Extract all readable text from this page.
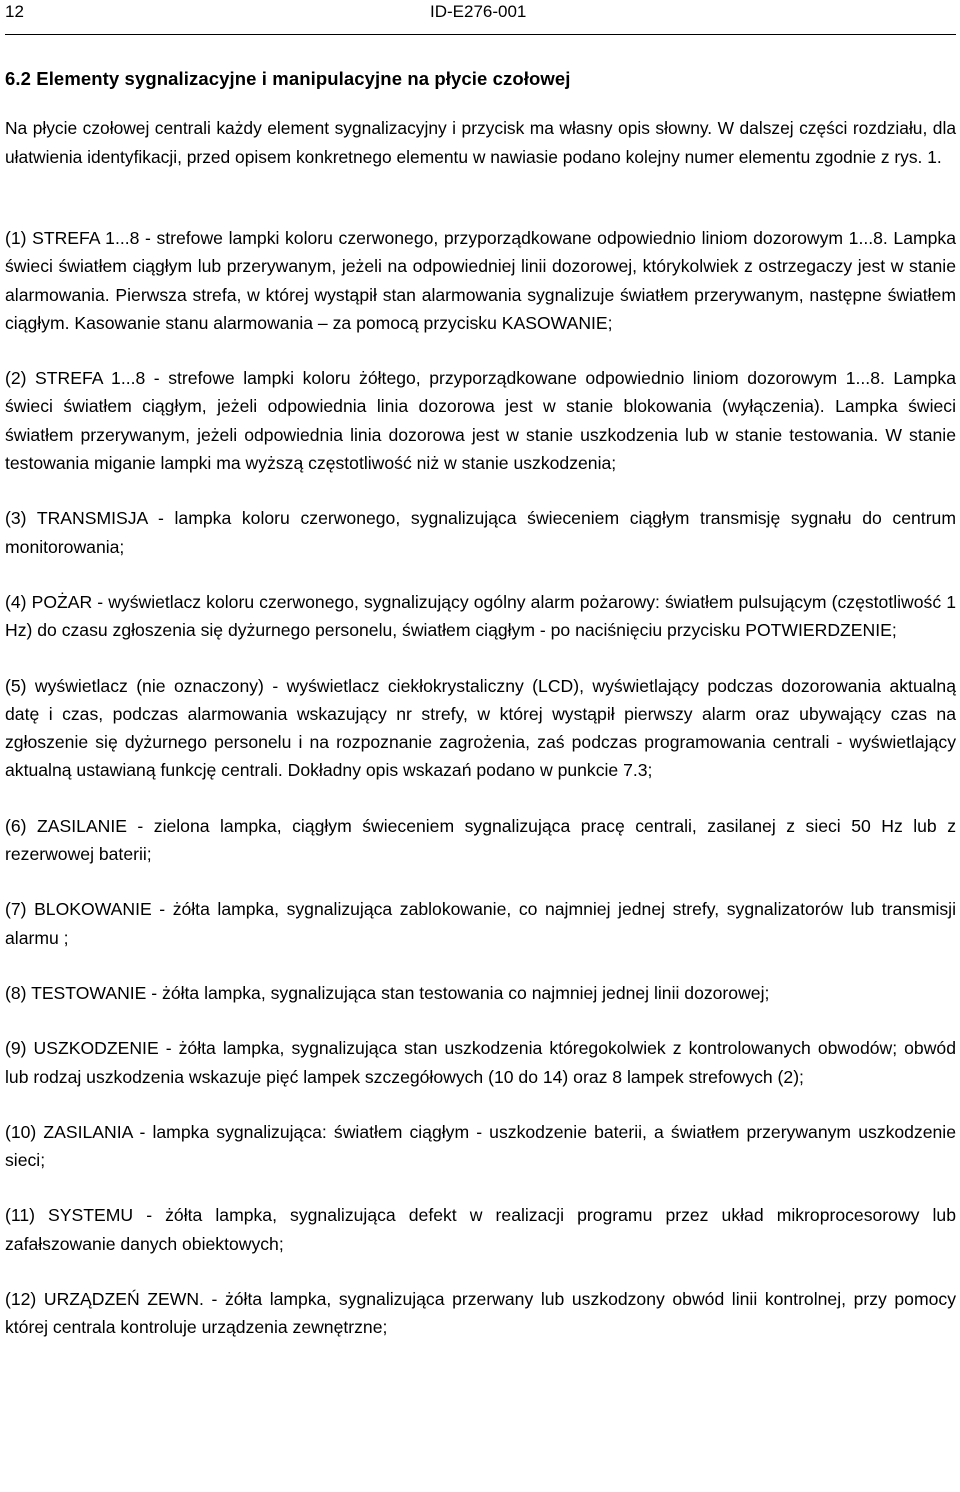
12	ID-E276-001
6.2 Elementy sygnalizacyjne i manipulacyjne na płycie czołowej
Na płycie czołowej centrali każdy element sygnalizacyjny i przycisk ma własny opis słowny. W dalszej części rozdziału, dla ułatwienia identyfikacji, przed opisem konkretnego elementu w nawiasie podano kolejny numer elementu zgodnie z rys. 1.

(1) STREFA 1...8 - strefowe lampki koloru czerwonego, przyporządkowane odpowiednio liniom dozorowym 1...8. Lampka świeci światłem ciągłym lub przerywanym, jeżeli na odpowiedniej linii dozorowej, którykolwiek z ostrzegaczy jest w stanie alarmowania. Pierwsza strefa, w której wystąpił stan alarmowania sygnalizuje światłem przerywanym, następne światłem ciągłym. Kasowanie stanu alarmowania – za pomocą przycisku KASOWANIE;

(2) STREFA 1...8 - strefowe lampki koloru żółtego, przyporządkowane odpowiednio liniom dozorowym 1...8. Lampka świeci światłem ciągłym, jeżeli odpowiednia linia dozorowa jest w stanie blokowania (wyłączenia). Lampka świeci światłem przerywanym, jeżeli odpowiednia linia dozorowa jest w stanie uszkodzenia lub w stanie testowania. W stanie testowania miganie lampki ma wyższą częstotliwość niż w stanie uszkodzenia;

(3) TRANSMISJA - lampka koloru czerwonego, sygnalizująca świeceniem ciągłym transmisję sygnału do centrum monitorowania;

(4) POŻAR - wyświetlacz koloru czerwonego, sygnalizujący ogólny alarm pożarowy: światłem pulsującym (częstotliwość 1 Hz) do czasu zgłoszenia się dyżurnego personelu, światłem ciągłym - po naciśnięciu przycisku POTWIERDZENIE;

(5) wyświetlacz (nie oznaczony) - wyświetlacz ciekłokrystaliczny (LCD), wyświetlający podczas dozorowania aktualną datę i czas, podczas alarmowania wskazujący nr strefy, w której wystąpił pierwszy alarm oraz ubywający czas na zgłoszenie się dyżurnego personelu i na rozpoznanie zagrożenia, zaś podczas programowania centrali - wyświetlający aktualną ustawianą funkcję centrali. Dokładny opis wskazań podano w punkcie 7.3;

(6) ZASILANIE - zielona lampka, ciągłym świeceniem sygnalizująca pracę centrali, zasilanej z sieci 50 Hz lub z rezerwowej baterii;

(7) BLOKOWANIE - żółta lampka, sygnalizująca zablokowanie, co najmniej jednej strefy, sygnalizatorów lub transmisji alarmu ;

(8) TESTOWANIE - żółta lampka, sygnalizująca stan testowania co najmniej jednej linii dozorowej;

(9) USZKODZENIE - żółta lampka, sygnalizująca stan uszkodzenia któregokolwiek z kontrolowanych obwodów; obwód lub rodzaj uszkodzenia wskazuje pięć lampek szczegółowych (10 do 14) oraz 8 lampek strefowych (2);

(10) ZASILANIA - lampka sygnalizująca: światłem ciągłym - uszkodzenie baterii, a światłem przerywanym uszkodzenie sieci;

(11) SYSTEMU - żółta lampka, sygnalizująca defekt w realizacji programu przez układ mikroprocesorowy lub zafałszowanie danych obiektowych;

(12) URZĄDZEŃ ZEWN. - żółta lampka, sygnalizująca przerwany lub uszkodzony obwód linii kontrolnej, przy pomocy której centrala kontroluje urządzenia zewnętrzne;
